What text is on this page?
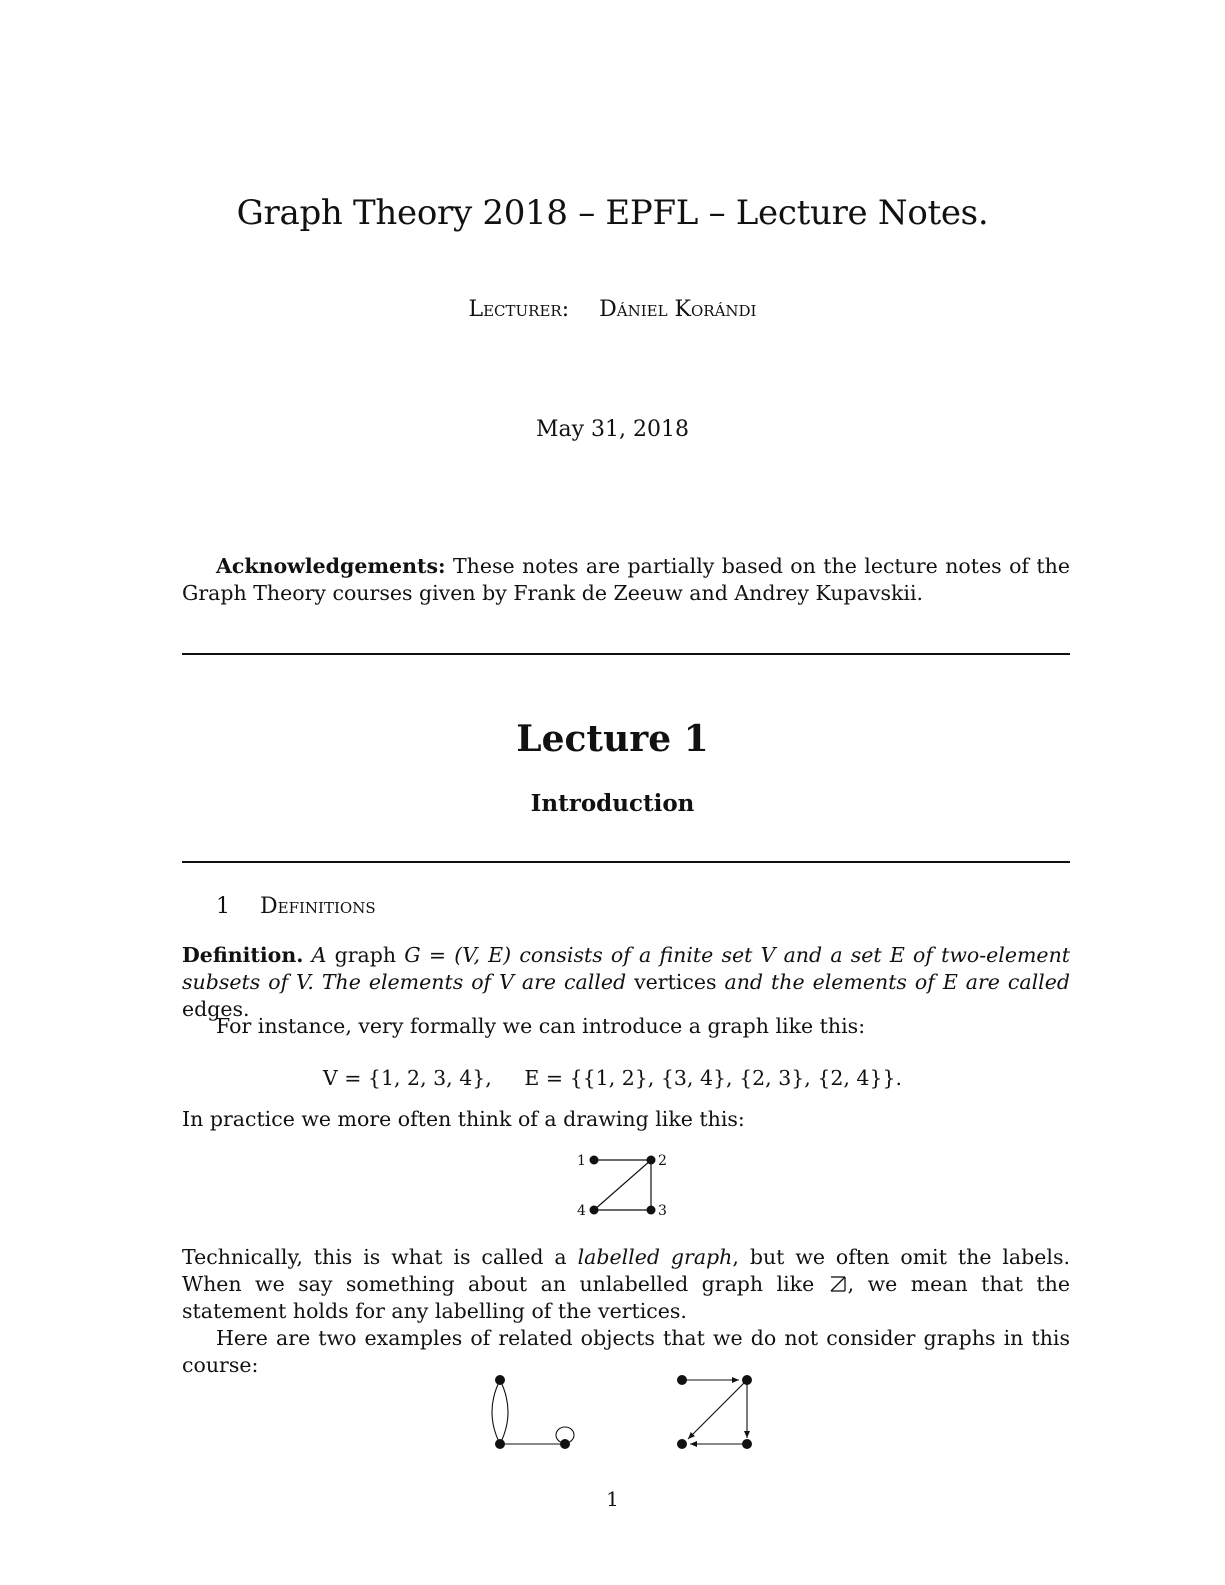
Graph Theory 2018 – EPFL – Lecture Notes.
Lecturer: Dániel Korándi
May 31, 2018
Acknowledgements: These notes are partially based on the lecture notes of the Graph Theory courses given by Frank de Zeeuw and Andrey Kupavskii.
Lecture 1
Introduction
1 Definitions
Definition. A graph G = (V, E) consists of a finite set V and a set E of two-element subsets of V. The elements of V are called vertices and the elements of E are called edges.
For instance, very formally we can introduce a graph like this:
V = {1, 2, 3, 4},     E = {{1, 2}, {3, 4}, {2, 3}, {2, 4}}.
In practice we more often think of a drawing like this:
1	2
3
4
Technically, this is what is called a labelled graph, but we often omit the labels. When we say something about an unlabelled graph like , we mean that the statement holds for any labelling of the vertices.
Here are two examples of related objects that we do not consider graphs in this course:
1
